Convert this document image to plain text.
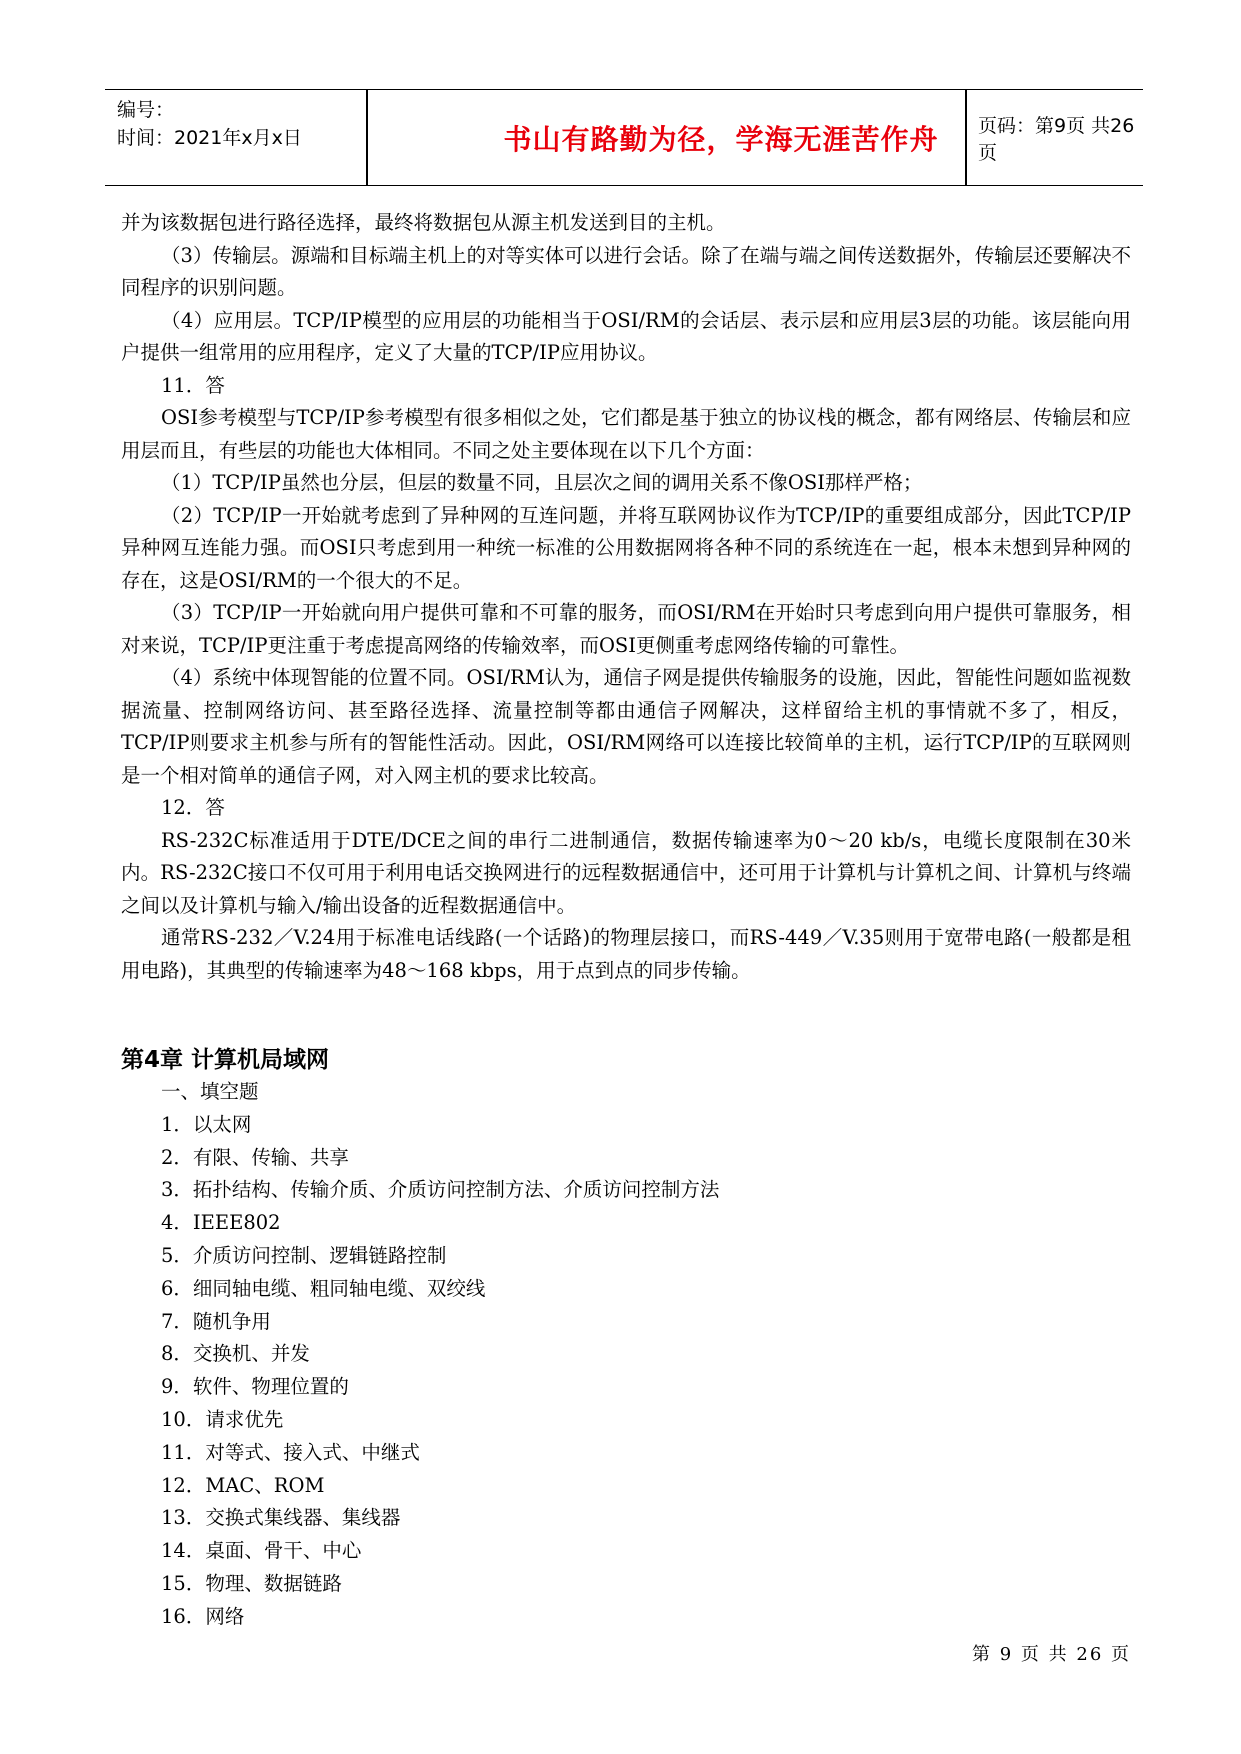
编号：
时间：2021年x月x日	书山有路勤为径，学海无涯苦作舟	页码：第9页 共26页

并为该数据包进行路径选择，最终将数据包从源主机发送到目的主机。

（3）传输层。源端和目标端主机上的对等实体可以进行会话。除了在端与端之间传送数据外，传输层还要解决不同程序的识别问题。

（4）应用层。TCP/IP模型的应用层的功能相当于OSI/RM的会话层、表示层和应用层3层的功能。该层能向用户提供一组常用的应用程序，定义了大量的TCP/IP应用协议。

11．答

OSI参考模型与TCP/IP参考模型有很多相似之处，它们都是基于独立的协议栈的概念，都有网络层、传输层和应用层而且，有些层的功能也大体相同。不同之处主要体现在以下几个方面：

（1）TCP/IP虽然也分层，但层的数量不同，且层次之间的调用关系不像OSI那样严格；

（2）TCP/IP一开始就考虑到了异种网的互连问题，并将互联网协议作为TCP/IP的重要组成部分，因此TCP/IP异种网互连能力强。而OSI只考虑到用一种统一标准的公用数据网将各种不同的系统连在一起，根本未想到异种网的存在，这是OSI/RM的一个很大的不足。

（3）TCP/IP一开始就向用户提供可靠和不可靠的服务，而OSI/RM在开始时只考虑到向用户提供可靠服务，相对来说，TCP/IP更注重于考虑提高网络的传输效率，而OSI更侧重考虑网络传输的可靠性。

（4）系统中体现智能的位置不同。OSI/RM认为，通信子网是提供传输服务的设施，因此，智能性问题如监视数据流量、控制网络访问、甚至路径选择、流量控制等都由通信子网解决，这样留给主机的事情就不多了，相反，TCP/IP则要求主机参与所有的智能性活动。因此，OSI/RM网络可以连接比较简单的主机，运行TCP/IP的互联网则是一个相对简单的通信子网，对入网主机的要求比较高。

12．答

RS-232C标准适用于DTE/DCE之间的串行二进制通信，数据传输速率为0～20 kb/s，电缆长度限制在30米内。RS-232C接口不仅可用于利用电话交换网进行的远程数据通信中，还可用于计算机与计算机之间、计算机与终端之间以及计算机与输入/输出设备的近程数据通信中。

通常RS-232／V.24用于标准电话线路(一个话路)的物理层接口，而RS-449／V.35则用于宽带电路(一般都是租用电路)，其典型的传输速率为48～168 kbps，用于点到点的同步传输。

第4章 计算机局域网

一、填空题
1．以太网
2．有限、传输、共享
3．拓扑结构、传输介质、介质访问控制方法、介质访问控制方法
4．IEEE802
5．介质访问控制、逻辑链路控制
6．细同轴电缆、粗同轴电缆、双绞线
7．随机争用
8．交换机、并发
9．软件、物理位置的
10．请求优先
11．对等式、接入式、中继式
12．MAC、ROM
13．交换式集线器、集线器
14．桌面、骨干、中心
15．物理、数据链路
16．网络
第 9 页 共 26 页
